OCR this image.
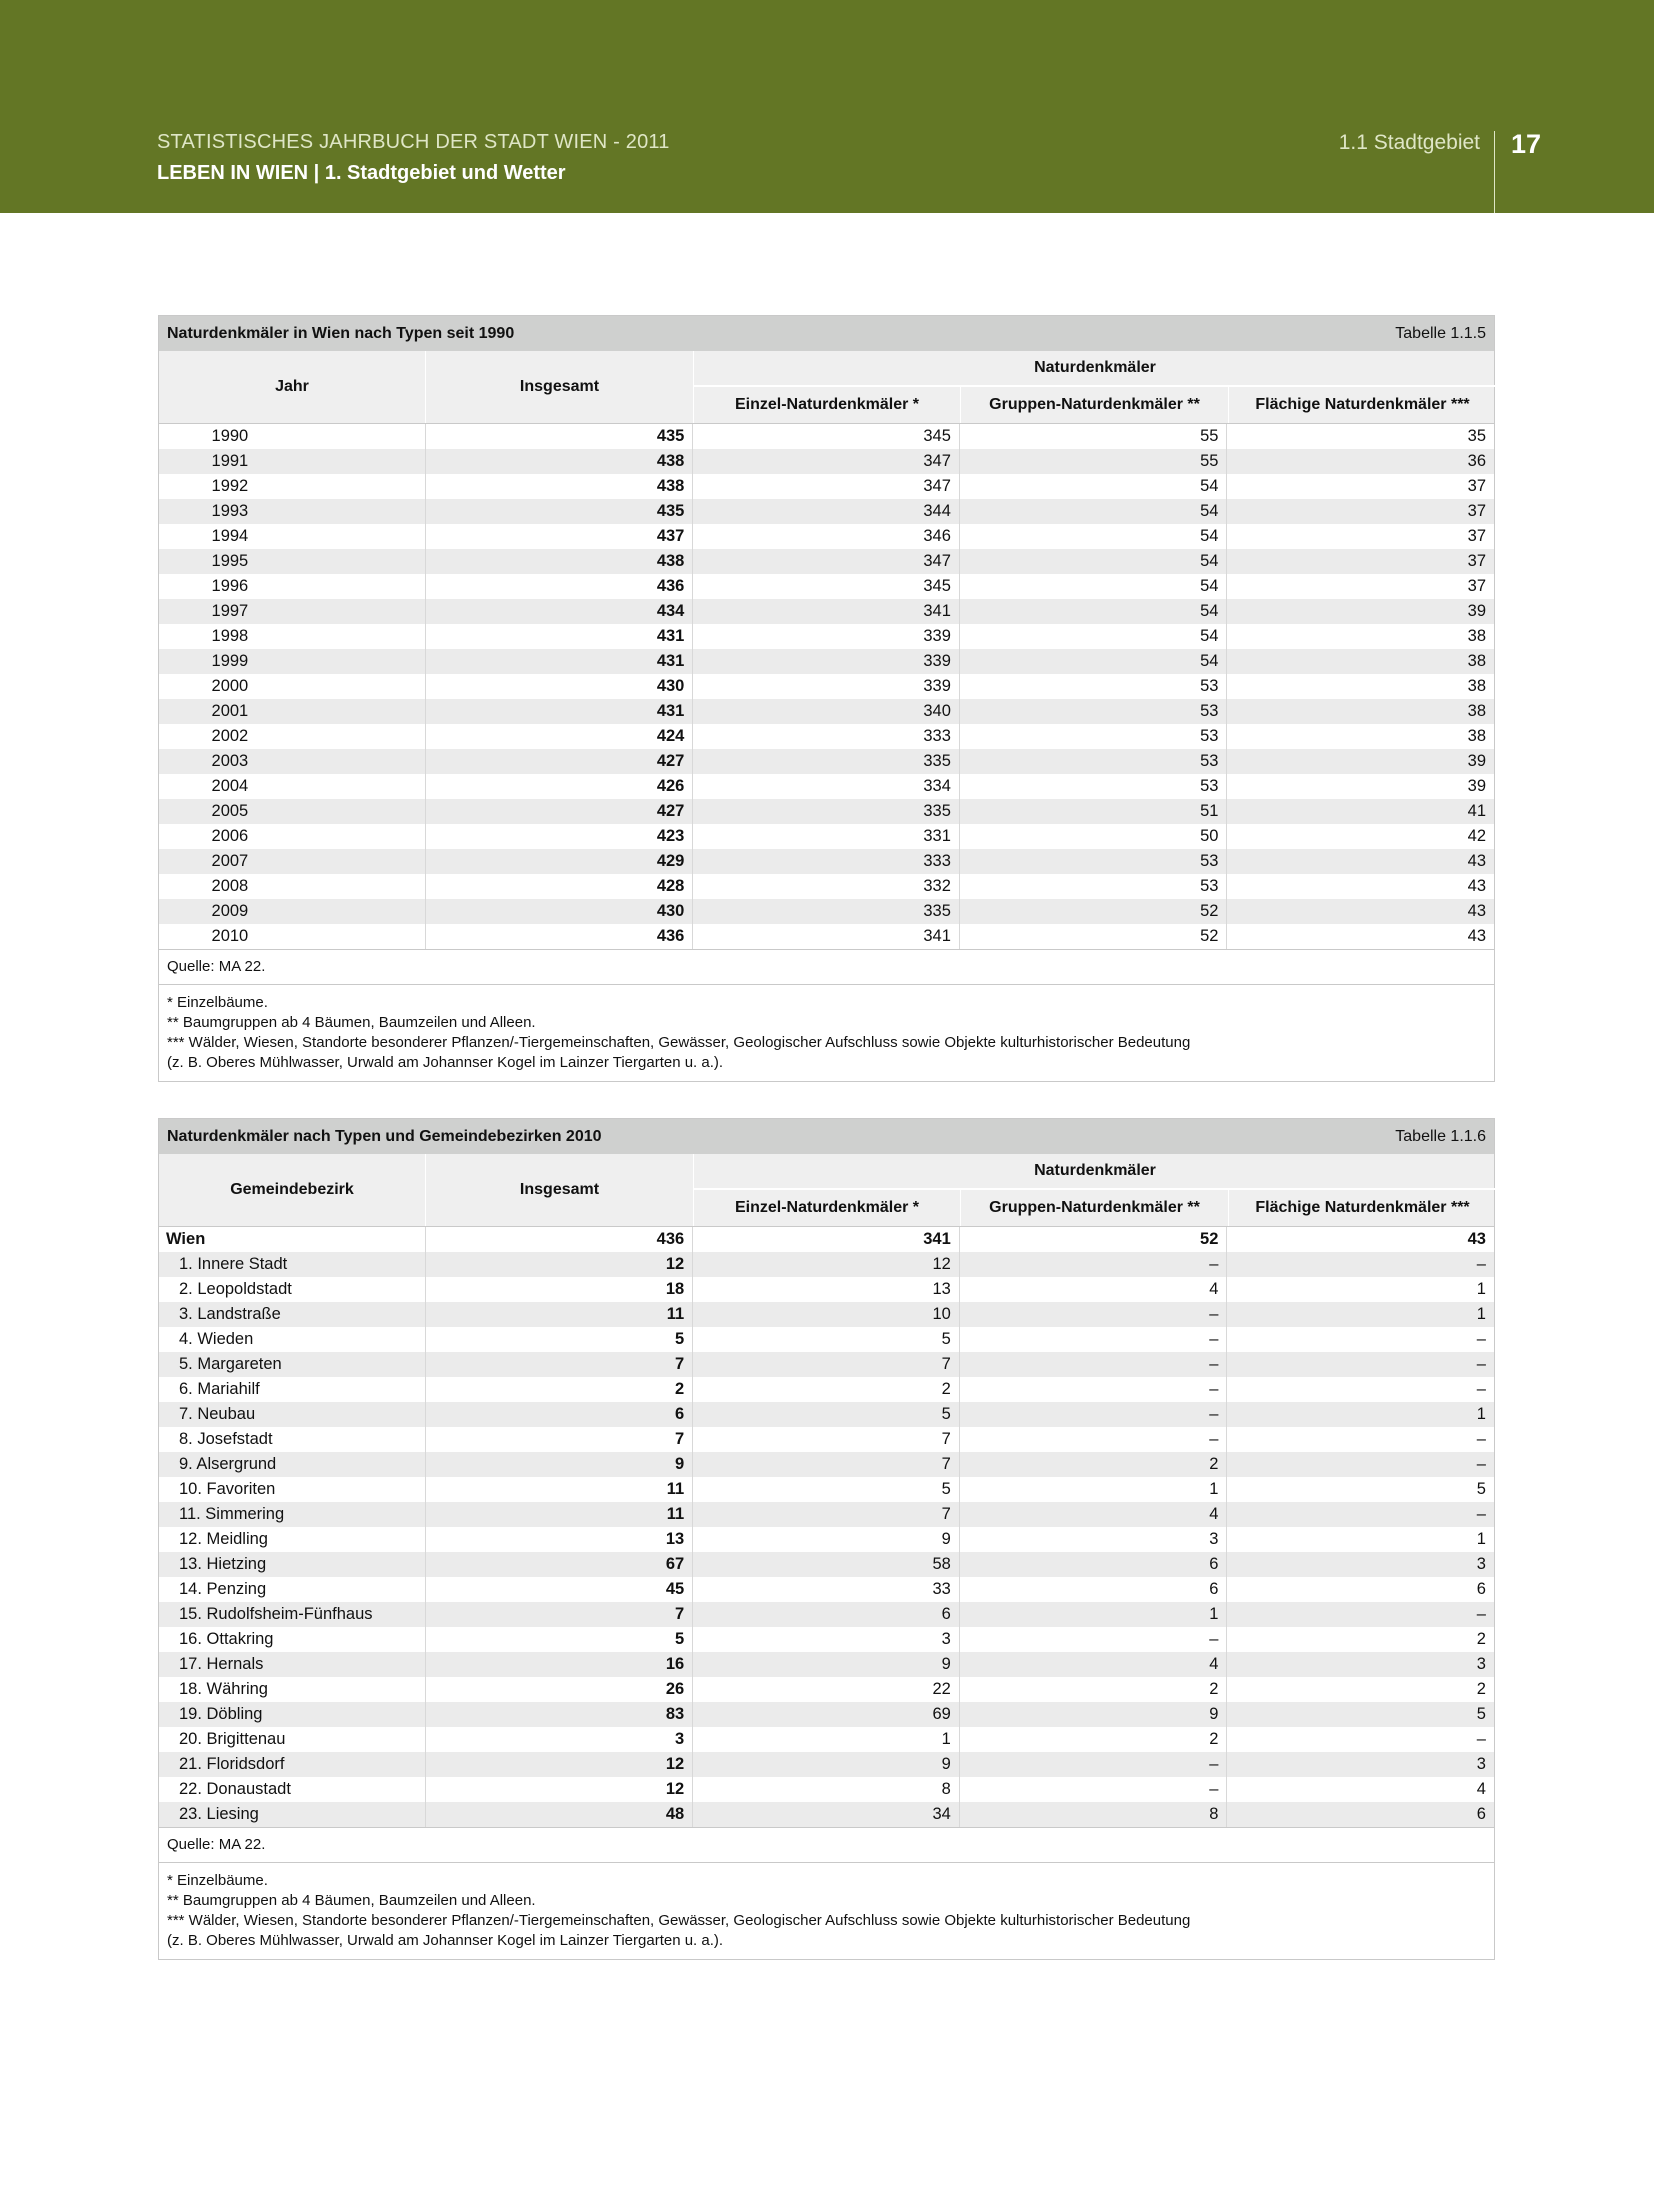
STATISTISCHES JAHRBUCH DER STADT WIEN - 2011
LEBEN IN WIEN | 1. Stadtgebiet und Wetter
1.1 Stadtgebiet 17
Naturdenkmäler in Wien nach Typen seit 1990	Tabelle 1.1.5
Jahr	Insgesamt
Naturdenkmäler
Einzel-Naturdenkmäler *	Gruppen-Naturdenkmäler **	Flächige Naturdenkmäler ***
1990	435	345	55	35
1991	438	347	55	36
1992	438	347	54	37
1993	435	344	54	37
1994	437	346	54	37
1995	438	347	54	37
1996	436	345	54	37
1997	434	341	54	39
1998	431	339	54	38
1999	431	339	54	38
2000	430	339	53	38
2001	431	340	53	38
2002	424	333	53	38
2003	427	335	53	39
2004	426	334	53	39
2005	427	335	51	41
2006	423	331	50	42
2007	429	333	53	43
2008	428	332	53	43
2009	430	335	52	43
2010	436	341	52	43
Quelle: MA 22.
* Einzelbäume.
** Baumgruppen ab 4 Bäumen, Baumzeilen und Alleen.
*** Wälder, Wiesen, Standorte besonderer Pflanzen/-Tiergemeinschaften, Gewässer, Geologischer Aufschluss sowie Objekte kulturhistorischer Bedeutung
(z. B. Oberes Mühlwasser, Urwald am Johannser Kogel im Lainzer Tiergarten u. a.).
Naturdenkmäler nach Typen und Gemeindebezirken 2010	Tabelle 1.1.6
Gemeindebezirk	Insgesamt
Naturdenkmäler
Einzel-Naturdenkmäler *	Gruppen-Naturdenkmäler **	Flächige Naturdenkmäler ***
Wien	436	341	52	43
1. Innere Stadt	12	12	–	–
2. Leopoldstadt	18	13	4	1
3. Landstraße	11	10	–	1
4. Wieden	5	5	–	–
5. Margareten	7	7	–	–
6. Mariahilf	2	2	–	–
7. Neubau	6	5	–	1
8. Josefstadt	7	7	–	–
9. Alsergrund	9	7	2	–
10. Favoriten	11	5	1	5
11. Simmering	11	7	4	–
12. Meidling	13	9	3	1
13. Hietzing	67	58	6	3
14. Penzing	45	33	6	6
15. Rudolfsheim-Fünfhaus	7	6	1	–
16. Ottakring	5	3	–	2
17. Hernals	16	9	4	3
18. Währing	26	22	2	2
19. Döbling	83	69	9	5
20. Brigittenau	3	1	2	–
21. Floridsdorf	12	9	–	3
22. Donaustadt	12	8	–	4
23. Liesing	48	34	8	6
Quelle: MA 22.
* Einzelbäume.
** Baumgruppen ab 4 Bäumen, Baumzeilen und Alleen.
*** Wälder, Wiesen, Standorte besonderer Pflanzen/-Tiergemeinschaften, Gewässer, Geologischer Aufschluss sowie Objekte kulturhistorischer Bedeutung
(z. B. Oberes Mühlwasser, Urwald am Johannser Kogel im Lainzer Tiergarten u. a.).
